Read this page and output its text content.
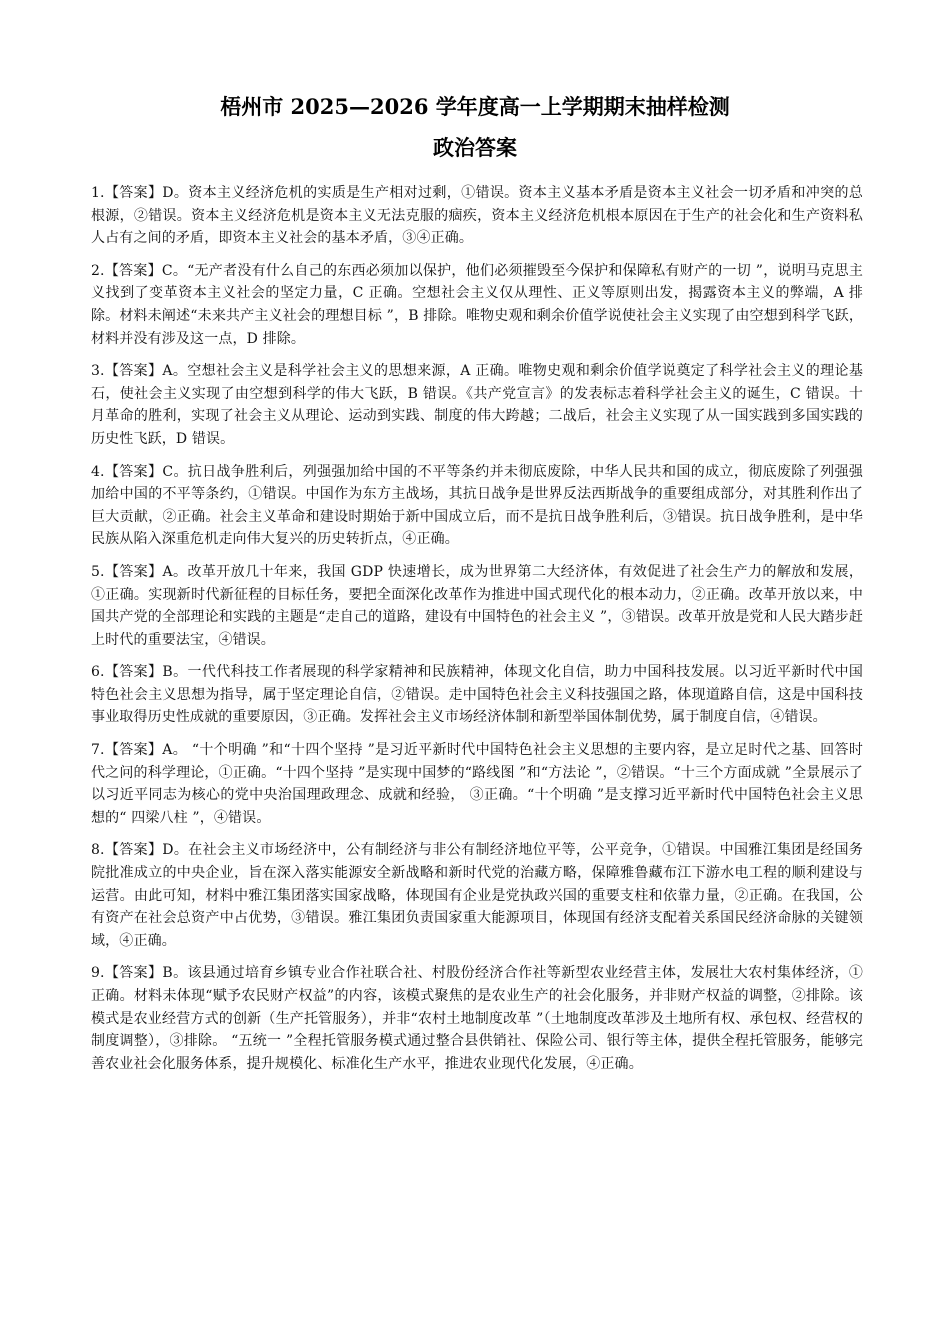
梧州市 2025—2026 学年度高一上学期期末抽样检测
政治答案

1.【答案】D。资本主义经济危机的实质是生产相对过剩，①错误。资本主义基本矛盾是资本主义社会一切矛盾和冲突的总根源，②错误。资本主义经济危机是资本主义无法克服的痼疾，资本主义经济危机根本原因在于生产的社会化和生产资料私人占有之间的矛盾，即资本主义社会的基本矛盾，③④正确。

2.【答案】C。“无产者没有什么自己的东西必须加以保护，他们必须摧毁至今保护和保障私有财产的一切 ”，说明马克思主义找到了变革资本主义社会的坚定力量，C 正确。空想社会主义仅从理性、正义等原则出发，揭露资本主义的弊端，A 排除。材料未阐述“未来共产主义社会的理想目标 ”，B 排除。唯物史观和剩余价值学说使社会主义实现了由空想到科学飞跃，材料并没有涉及这一点，D 排除。

3.【答案】A。空想社会主义是科学社会主义的思想来源，A 正确。唯物史观和剩余价值学说奠定了科学社会主义的理论基石，使社会主义实现了由空想到科学的伟大飞跃，B 错误。《共产党宣言》的发表标志着科学社会主义的诞生，C 错误。十月革命的胜利，实现了社会主义从理论、运动到实践、制度的伟大跨越；二战后，社会主义实现了从一国实践到多国实践的历史性飞跃，D 错误。

4.【答案】C。抗日战争胜利后，列强强加给中国的不平等条约并未彻底废除，中华人民共和国的成立，彻底废除了列强强加给中国的不平等条约，①错误。中国作为东方主战场，其抗日战争是世界反法西斯战争的重要组成部分，对其胜利作出了巨大贡献，②正确。社会主义革命和建设时期始于新中国成立后，而不是抗日战争胜利后，③错误。抗日战争胜利，是中华民族从陷入深重危机走向伟大复兴的历史转折点，④正确。

5.【答案】A。改革开放几十年来，我国 GDP 快速增长，成为世界第二大经济体，有效促进了社会生产力的解放和发展，①正确。实现新时代新征程的目标任务，要把全面深化改革作为推进中国式现代化的根本动力，②正确。改革开放以来，中国共产党的全部理论和实践的主题是“走自己的道路，建设有中国特色的社会主义 ”，③错误。改革开放是党和人民大踏步赶上时代的重要法宝，④错误。

6.【答案】B。一代代科技工作者展现的科学家精神和民族精神，体现文化自信，助力中国科技发展。以习近平新时代中国特色社会主义思想为指导，属于坚定理论自信，②错误。走中国特色社会主义科技强国之路，体现道路自信，这是中国科技事业取得历史性成就的重要原因，③正确。发挥社会主义市场经济体制和新型举国体制优势，属于制度自信，④错误。

7.【答案】A。 “十个明确 ”和“十四个坚持 ”是习近平新时代中国特色社会主义思想的主要内容，是立足时代之基、回答时代之问的科学理论，①正确。“十四个坚持 ”是实现中国梦的“路线图 ”和“方法论 ”，②错误。“十三个方面成就 ”全景展示了以习近平同志为核心的党中央治国理政理念、成就和经验， ③正确。“十个明确 ”是支撑习近平新时代中国特色社会主义思想的“ 四梁八柱 ”，④错误。

8.【答案】D。在社会主义市场经济中，公有制经济与非公有制经济地位平等，公平竞争，①错误。中国雅江集团是经国务院批准成立的中央企业，旨在深入落实能源安全新战略和新时代党的治藏方略，保障雅鲁藏布江下游水电工程的顺利建设与运营。由此可知，材料中雅江集团落实国家战略，体现国有企业是党执政兴国的重要支柱和依靠力量，②正确。在我国，公有资产在社会总资产中占优势，③错误。雅江集团负责国家重大能源项目，体现国有经济支配着关系国民经济命脉的关键领域，④正确。

9.【答案】B。该县通过培育乡镇专业合作社联合社、村股份经济合作社等新型农业经营主体，发展壮大农村集体经济，①正确。材料未体现“赋予农民财产权益”的内容，该模式聚焦的是农业生产的社会化服务，并非财产权益的调整，②排除。该模式是农业经营方式的创新（生产托管服务），并非“农村土地制度改革 ”（土地制度改革涉及土地所有权、承包权、经营权的制度调整），③排除。 “五统一 ”全程托管服务模式通过整合县供销社、保险公司、银行等主体，提供全程托管服务，能够完善农业社会化服务体系，提升规模化、标准化生产水平，推进农业现代化发展，④正确。
